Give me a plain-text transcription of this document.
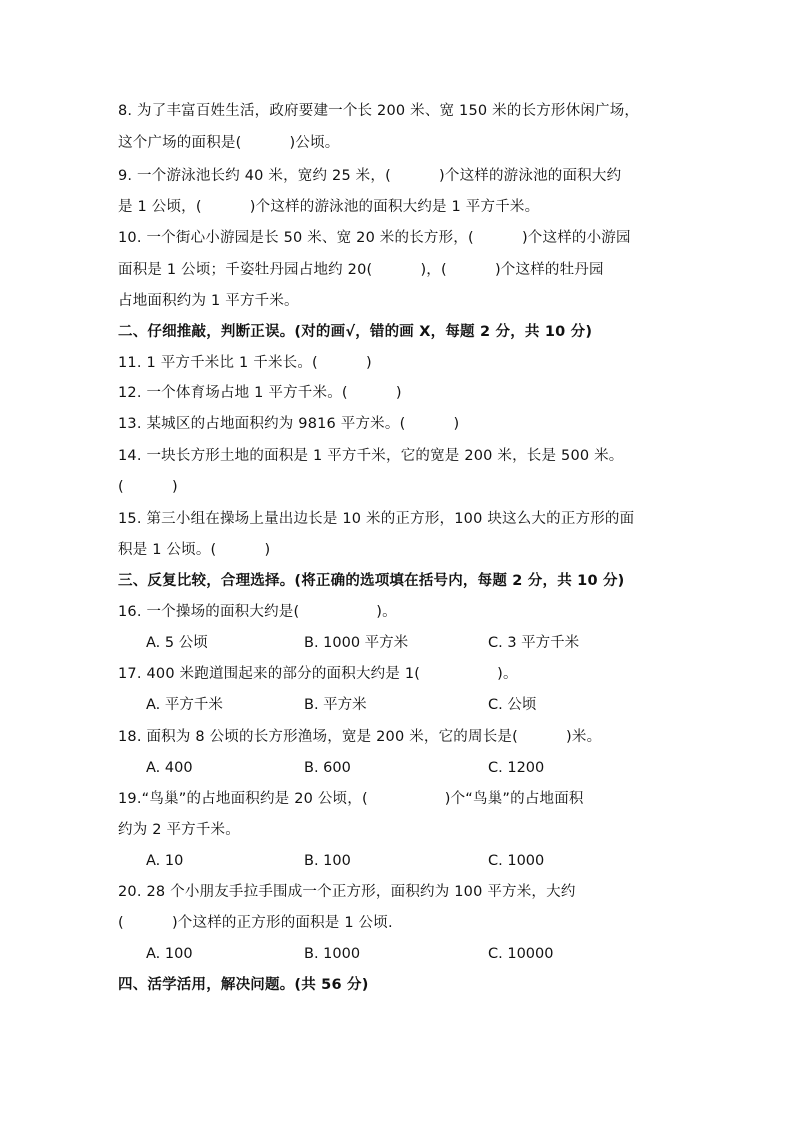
8. 为了丰富百姓生活，政府要建一个长 200 米、宽 150 米的长方形休闲广场，
这个广场的面积是(          )公顷。
9. 一个游泳池长约 40 米，宽约 25 米，(          )个这样的游泳池的面积大约
是 1 公顷，(          )个这样的游泳池的面积大约是 1 平方千米。
10. 一个街心小游园是长 50 米、宽 20 米的长方形，(          )个这样的小游园
面积是 1 公顷；千姿牡丹园占地约 20(          )，(          )个这样的牡丹园
占地面积约为 1 平方千米。
二、仔细推敲，判断正误。(对的画√，错的画 X，每题 2 分，共 10 分)
11. 1 平方千米比 1 千米长。(          )
12. 一个体育场占地 1 平方千米。(          )
13. 某城区的占地面积约为 9816 平方米。(          )
14. 一块长方形土地的面积是 1 平方千米，它的宽是 200 米，长是 500 米。
(          )
15. 第三小组在操场上量出边长是 10 米的正方形，100 块这么大的正方形的面
积是 1 公顷。(          )
三、反复比较，合理选择。(将正确的选项填在括号内，每题 2 分，共 10 分)
16. 一个操场的面积大约是(                )。
A. 5 公顷	B. 1000 平方米	C. 3 平方千米
17. 400 米跑道围起来的部分的面积大约是 1(                )。
A. 平方千米	B. 平方米	C. 公顷
18. 面积为 8 公顷的长方形渔场，宽是 200 米，它的周长是(          )米。
A. 400	B. 600	C. 1200
19.“鸟巢”的占地面积约是 20 公顷，(                )个“鸟巢”的占地面积
约为 2 平方千米。
A. 10	B. 100	C. 1000
20. 28 个小朋友手拉手围成一个正方形，面积约为 100 平方米，大约
(          )个这样的正方形的面积是 1 公顷.
A. 100	B. 1000	C. 10000
四、活学活用，解决问题。(共 56 分)
